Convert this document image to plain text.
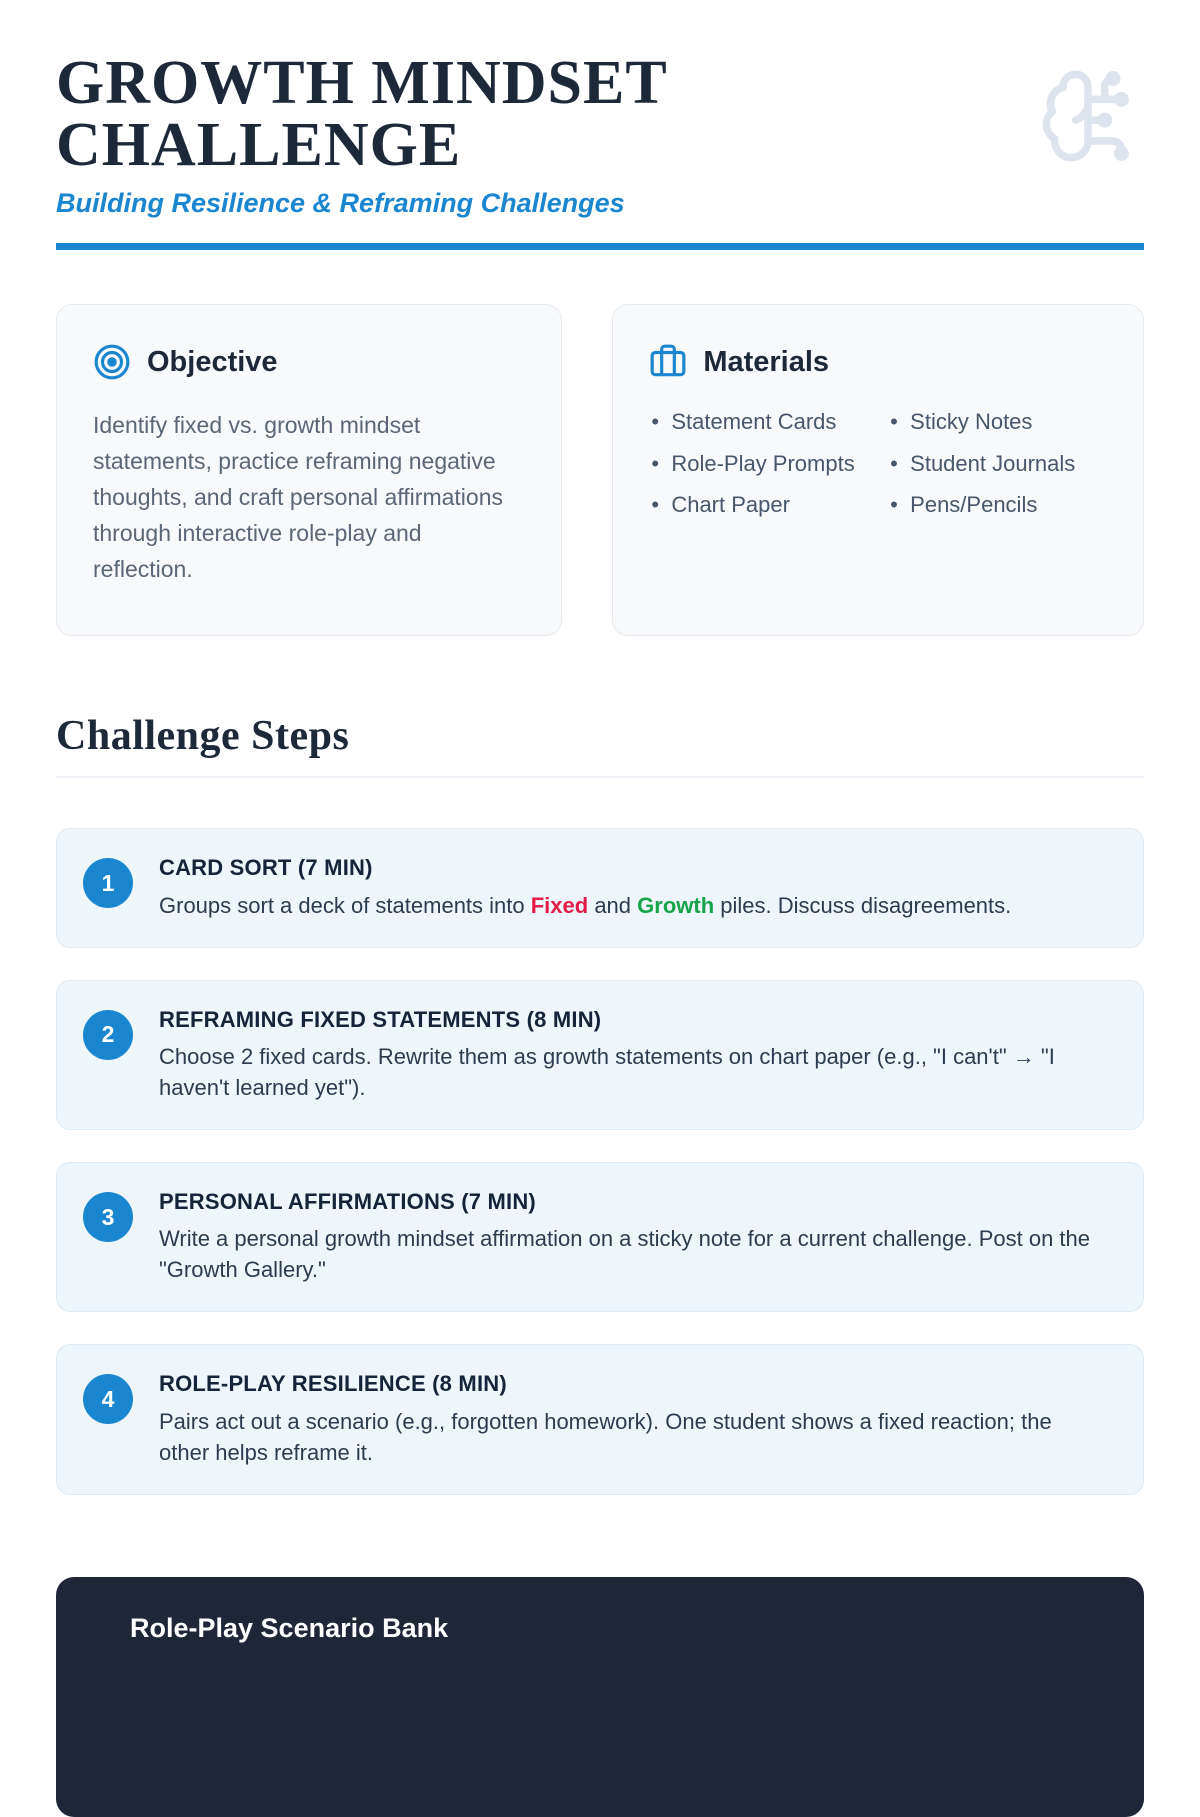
GROWTH MINDSET CHALLENGE
Building Resilience & Reframing Challenges
Objective
Identify fixed vs. growth mindset statements, practice reframing negative thoughts, and craft personal affirmations through interactive role-play and reflection.
Materials
• Statement Cards	• Sticky Notes
• Role-Play Prompts	• Student Journals
• Chart Paper	• Pens/Pencils
Challenge Steps
1
CARD SORT (7 MIN)
Groups sort a deck of statements into Fixed and Growth piles. Discuss disagreements.
2
REFRAMING FIXED STATEMENTS (8 MIN)
Choose 2 fixed cards. Rewrite them as growth statements on chart paper (e.g., "I can't" → "I haven't learned yet").
3
PERSONAL AFFIRMATIONS (7 MIN)
Write a personal growth mindset affirmation on a sticky note for a current challenge. Post on the "Growth Gallery."
4
ROLE-PLAY RESILIENCE (8 MIN)
Pairs act out a scenario (e.g., forgotten homework). One student shows a fixed reaction; the other helps reframe it.
Role-Play Scenario Bank
